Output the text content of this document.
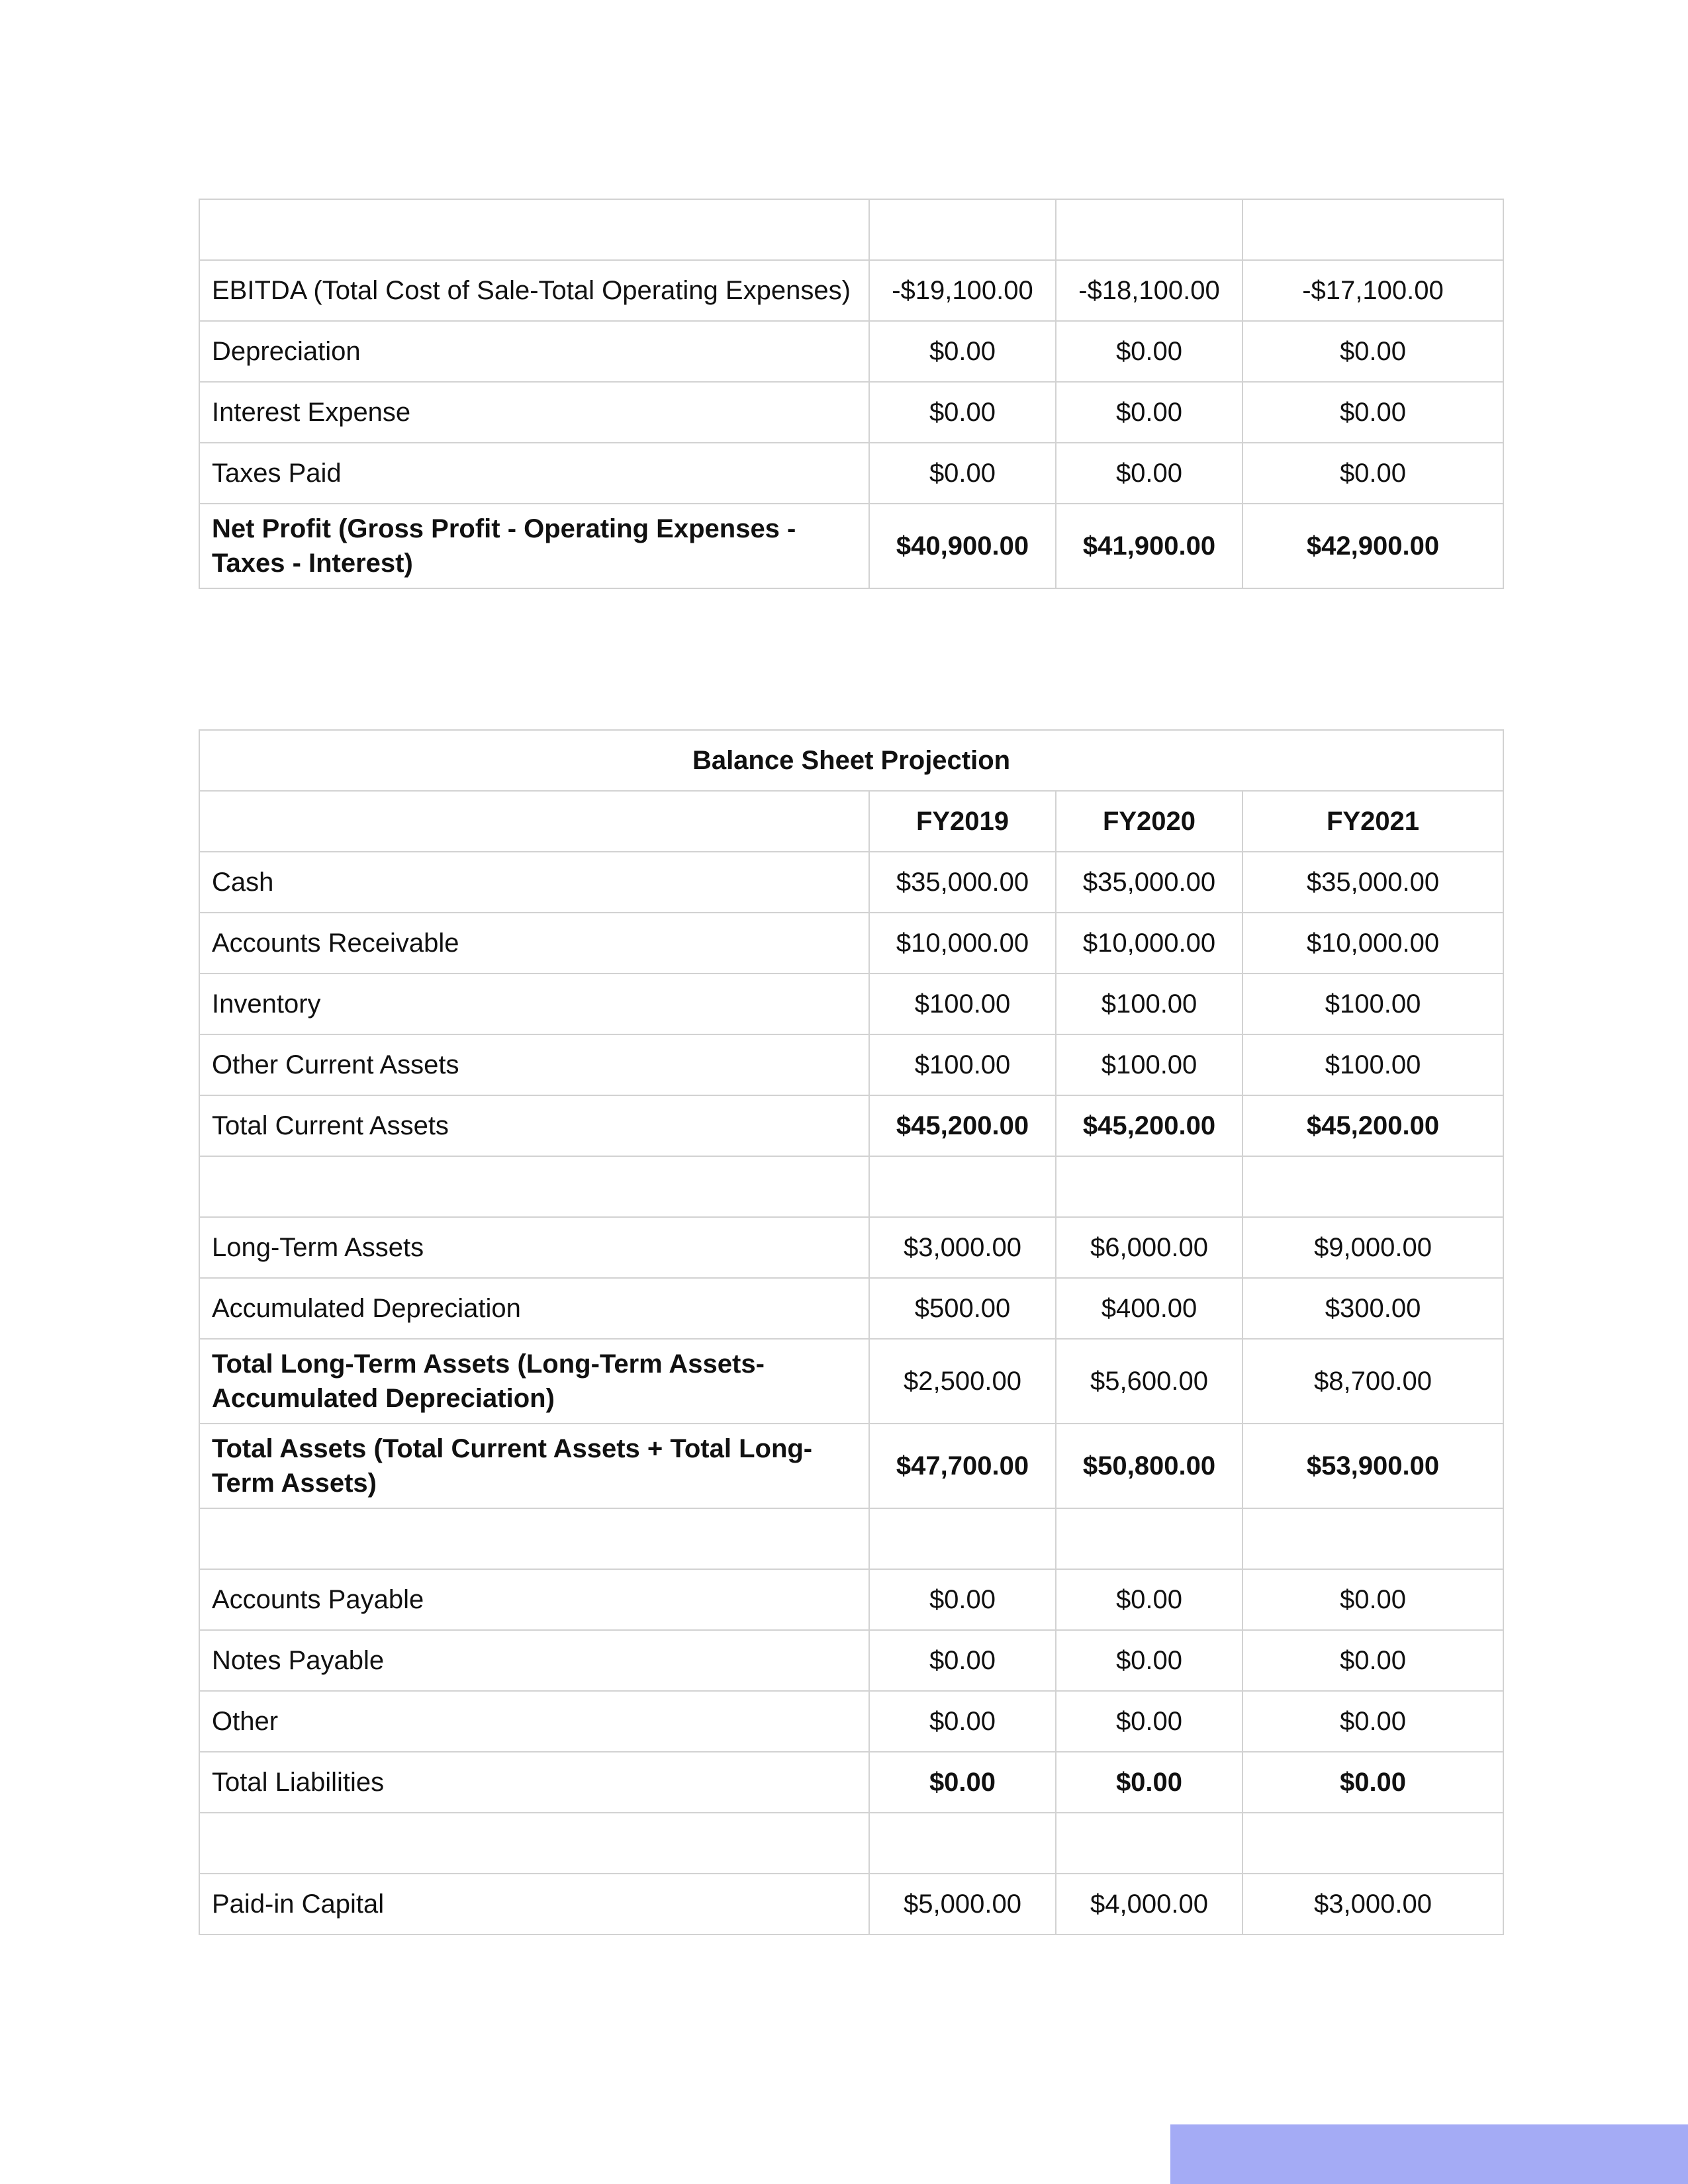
EBITDA (Total Cost of Sale-Total Operating Expenses)	-$19,100.00	-$18,100.00	-$17,100.00
Depreciation	$0.00	$0.00	$0.00
Interest Expense	$0.00	$0.00	$0.00
Taxes Paid	$0.00	$0.00	$0.00
Net Profit (Gross Profit - Operating Expenses - Taxes - Interest)	$40,900.00	$41,900.00	$42,900.00
Balance Sheet Projection			
	FY2019	FY2020	FY2021
Cash	$35,000.00	$35,000.00	$35,000.00
Accounts Receivable	$10,000.00	$10,000.00	$10,000.00
Inventory	$100.00	$100.00	$100.00
Other Current Assets	$100.00	$100.00	$100.00
Total Current Assets	$45,200.00	$45,200.00	$45,200.00

Long-Term Assets	$3,000.00	$6,000.00	$9,000.00
Accumulated Depreciation	$500.00	$400.00	$300.00
Total Long-Term Assets (Long-Term Assets-Accumulated Depreciation)	$2,500.00	$5,600.00	$8,700.00
Total Assets (Total Current Assets + Total Long-Term Assets)	$47,700.00	$50,800.00	$53,900.00

Accounts Payable	$0.00	$0.00	$0.00
Notes Payable	$0.00	$0.00	$0.00
Other	$0.00	$0.00	$0.00
Total Liabilities	$0.00	$0.00	$0.00

Paid-in Capital	$5,000.00	$4,000.00	$3,000.00
